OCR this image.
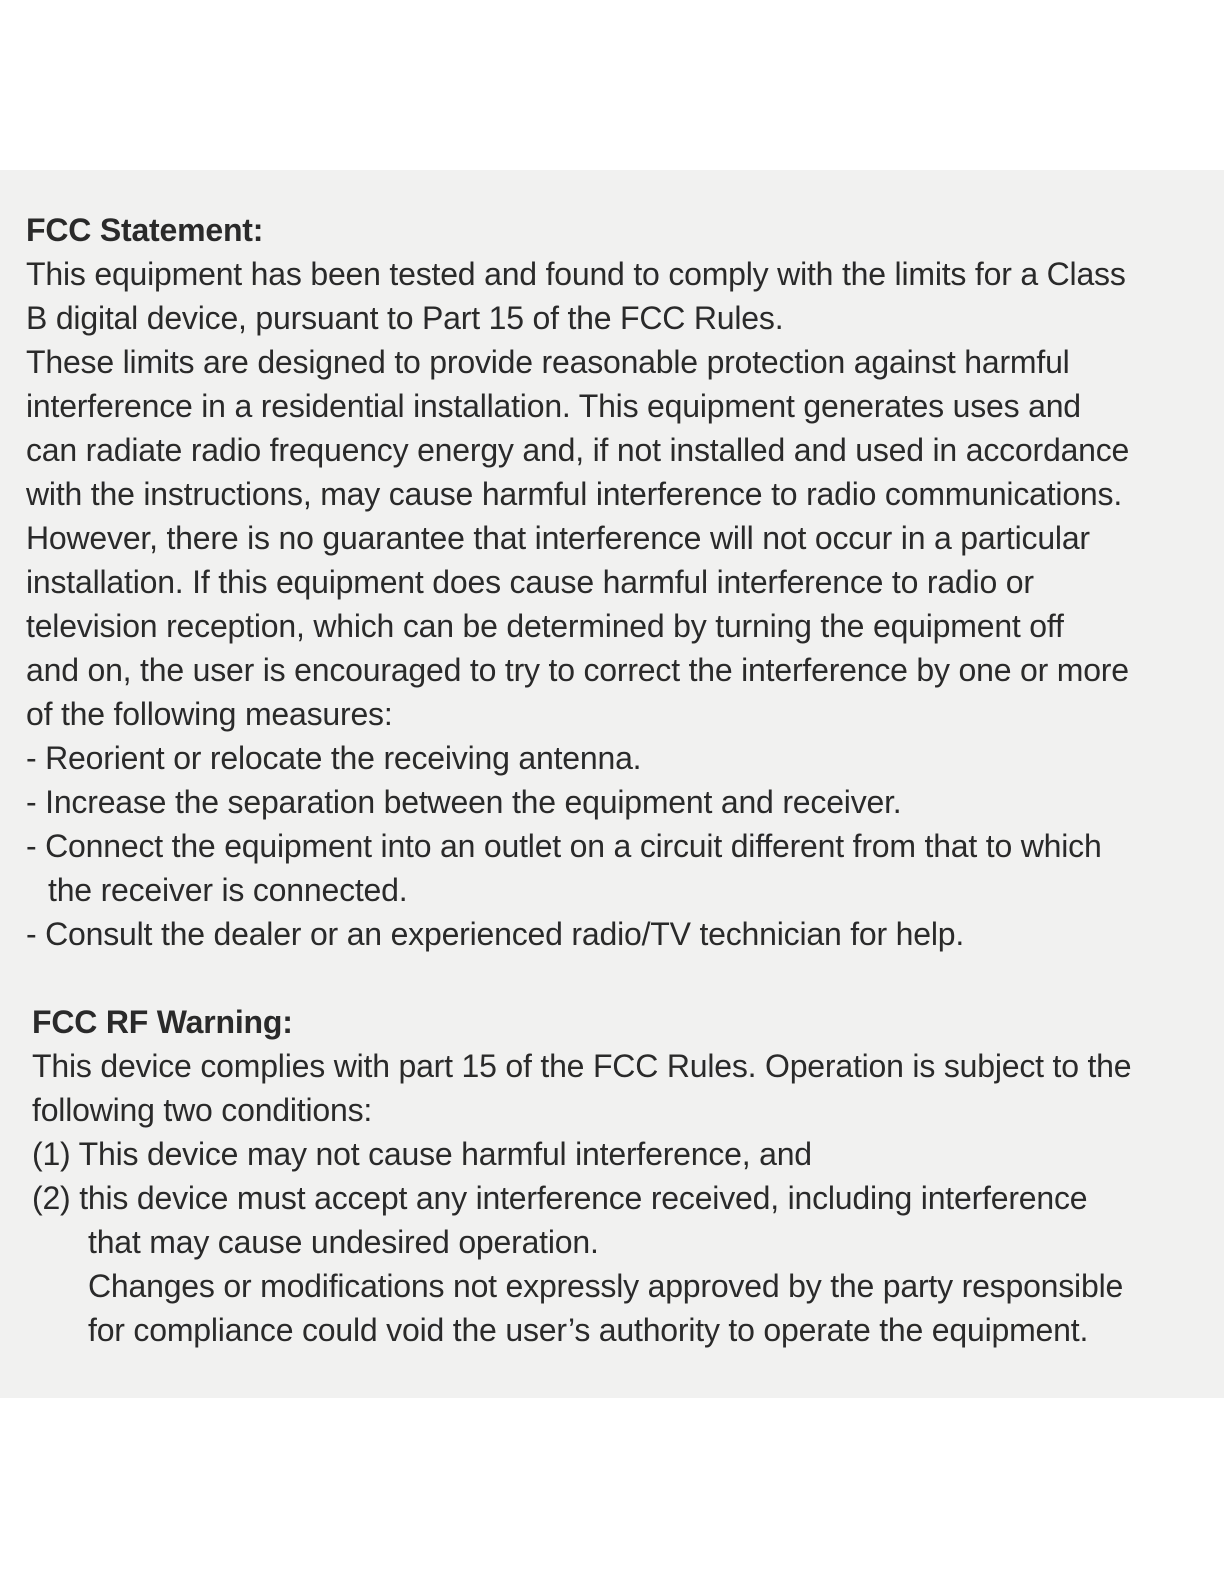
FCC Statement:
This equipment has been tested and found to comply with the limits for a Class
B digital device, pursuant to Part 15 of the FCC Rules.
These limits are designed to provide reasonable protection against harmful
interference in a residential installation. This equipment generates uses and
can radiate radio frequency energy and, if not installed and used in accordance
with the instructions, may cause harmful interference to radio communications.
However, there is no guarantee that interference will not occur in a particular
installation. If this equipment does cause harmful interference to radio or
television reception, which can be determined by turning the equipment off
and on, the user is encouraged to try to correct the interference by one or more
of the following measures:
- Reorient or relocate the receiving antenna.
- Increase the separation between the equipment and receiver.
- Connect the equipment into an outlet on a circuit different from that to which
the receiver is connected.
- Consult the dealer or an experienced radio/TV technician for help.
FCC RF Warning:
This device complies with part 15 of the FCC Rules. Operation is subject to the
following two conditions:
(1) This device may not cause harmful interference, and
(2) this device must accept any interference received, including interference
that may cause undesired operation.
Changes or modifications not expressly approved by the party responsible
for compliance could void the user’s authority to operate the equipment.
